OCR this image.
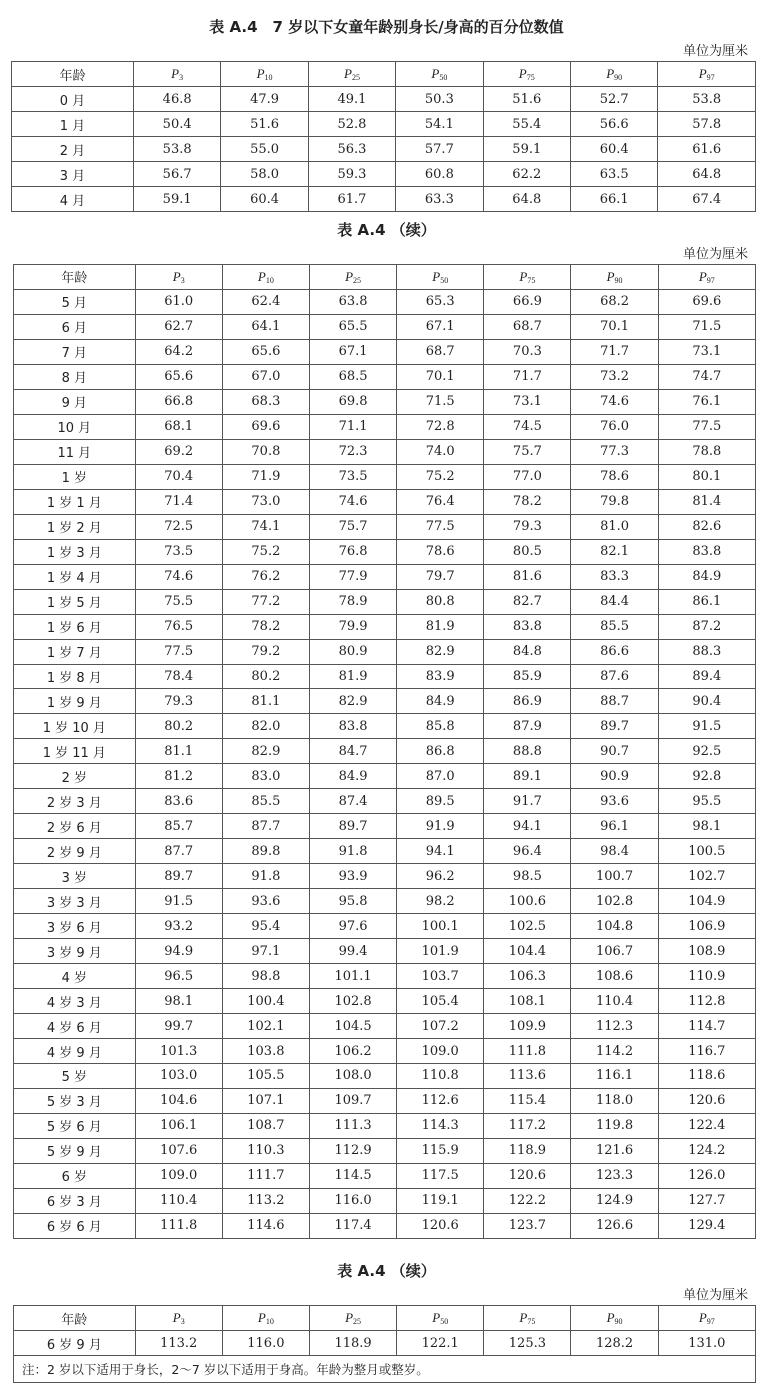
表 A.4　7 岁以下女童年龄别身长/身高的百分位数值
单位为厘米
年龄	$P_3$	$P_{10}$	$P_{25}$	$P_{50}$	$P_{75}$	$P_{90}$	$P_{97}$
0 月	46.8	47.9	49.1	50.3	51.6	52.7	53.8
1 月	50.4	51.6	52.8	54.1	55.4	56.6	57.8
2 月	53.8	55.0	56.3	57.7	59.1	60.4	61.6
3 月	56.7	58.0	59.3	60.8	62.2	63.5	64.8
4 月	59.1	60.4	61.7	63.3	64.8	66.1	67.4
表 A.4 （续）
单位为厘米
年龄	$P_3$	$P_{10}$	$P_{25}$	$P_{50}$	$P_{75}$	$P_{90}$	$P_{97}$
5 月	61.0	62.4	63.8	65.3	66.9	68.2	69.6
6 月	62.7	64.1	65.5	67.1	68.7	70.1	71.5
7 月	64.2	65.6	67.1	68.7	70.3	71.7	73.1
8 月	65.6	67.0	68.5	70.1	71.7	73.2	74.7
9 月	66.8	68.3	69.8	71.5	73.1	74.6	76.1
10 月	68.1	69.6	71.1	72.8	74.5	76.0	77.5
11 月	69.2	70.8	72.3	74.0	75.7	77.3	78.8
1 岁	70.4	71.9	73.5	75.2	77.0	78.6	80.1
1 岁 1 月	71.4	73.0	74.6	76.4	78.2	79.8	81.4
1 岁 2 月	72.5	74.1	75.7	77.5	79.3	81.0	82.6
1 岁 3 月	73.5	75.2	76.8	78.6	80.5	82.1	83.8
1 岁 4 月	74.6	76.2	77.9	79.7	81.6	83.3	84.9
1 岁 5 月	75.5	77.2	78.9	80.8	82.7	84.4	86.1
1 岁 6 月	76.5	78.2	79.9	81.9	83.8	85.5	87.2
1 岁 7 月	77.5	79.2	80.9	82.9	84.8	86.6	88.3
1 岁 8 月	78.4	80.2	81.9	83.9	85.9	87.6	89.4
1 岁 9 月	79.3	81.1	82.9	84.9	86.9	88.7	90.4
1 岁 10 月	80.2	82.0	83.8	85.8	87.9	89.7	91.5
1 岁 11 月	81.1	82.9	84.7	86.8	88.8	90.7	92.5
2 岁	81.2	83.0	84.9	87.0	89.1	90.9	92.8
2 岁 3 月	83.6	85.5	87.4	89.5	91.7	93.6	95.5
2 岁 6 月	85.7	87.7	89.7	91.9	94.1	96.1	98.1
2 岁 9 月	87.7	89.8	91.8	94.1	96.4	98.4	100.5
3 岁	89.7	91.8	93.9	96.2	98.5	100.7	102.7
3 岁 3 月	91.5	93.6	95.8	98.2	100.6	102.8	104.9
3 岁 6 月	93.2	95.4	97.6	100.1	102.5	104.8	106.9
3 岁 9 月	94.9	97.1	99.4	101.9	104.4	106.7	108.9
4 岁	96.5	98.8	101.1	103.7	106.3	108.6	110.9
4 岁 3 月	98.1	100.4	102.8	105.4	108.1	110.4	112.8
4 岁 6 月	99.7	102.1	104.5	107.2	109.9	112.3	114.7
4 岁 9 月	101.3	103.8	106.2	109.0	111.8	114.2	116.7
5 岁	103.0	105.5	108.0	110.8	113.6	116.1	118.6
5 岁 3 月	104.6	107.1	109.7	112.6	115.4	118.0	120.6
5 岁 6 月	106.1	108.7	111.3	114.3	117.2	119.8	122.4
5 岁 9 月	107.6	110.3	112.9	115.9	118.9	121.6	124.2
6 岁	109.0	111.7	114.5	117.5	120.6	123.3	126.0
6 岁 3 月	110.4	113.2	116.0	119.1	122.2	124.9	127.7
6 岁 6 月	111.8	114.6	117.4	120.6	123.7	126.6	129.4
表 A.4 （续）
单位为厘米
年龄	$P_3$	$P_{10}$	$P_{25}$	$P_{50}$	$P_{75}$	$P_{90}$	$P_{97}$
6 岁 9 月	113.2	116.0	118.9	122.1	125.3	128.2	131.0
注：2 岁以下适用于身长，2～7 岁以下适用于身高。年龄为整月或整岁。							
